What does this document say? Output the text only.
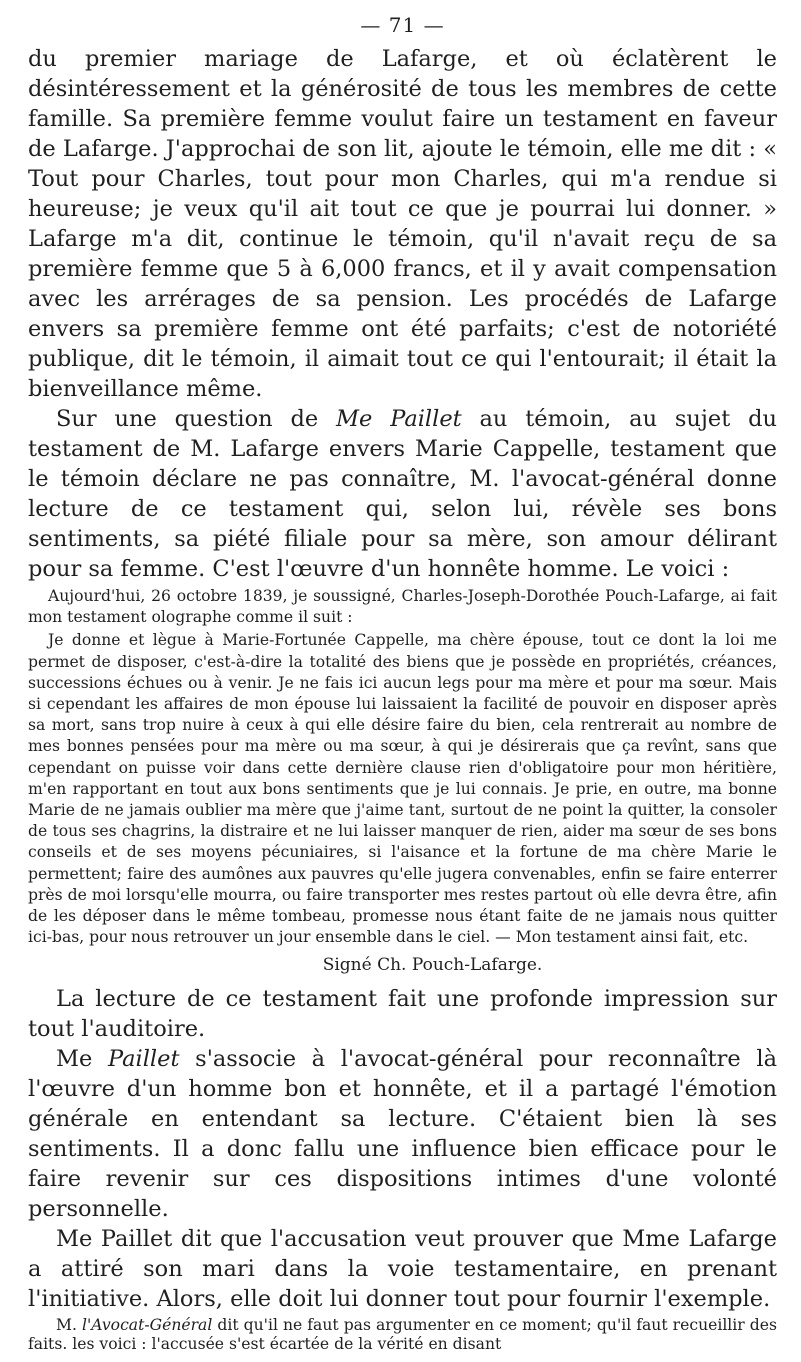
— 71 —

du premier mariage de Lafarge, et où éclatèrent le désintéressement et la générosité de tous les membres de cette famille. Sa première femme voulut faire un testament en faveur de Lafarge. J'approchai de son lit, ajoute le témoin, elle me dit : « Tout pour Charles, tout pour mon Charles, qui m'a rendue si heureuse; je veux qu'il ait tout ce que je pourrai lui donner. » Lafarge m'a dit, continue le témoin, qu'il n'avait reçu de sa première femme que 5 à 6,000 francs, et il y avait compensation avec les arrérages de sa pension. Les procédés de Lafarge envers sa première femme ont été parfaits; c'est de notoriété publique, dit le témoin, il aimait tout ce qui l'entourait; il était la bienveillance même.

Sur une question de Me Paillet au témoin, au sujet du testament de M. Lafarge envers Marie Cappelle, testament que le témoin déclare ne pas connaître, M. l'avocat-général donne lecture de ce testament qui, selon lui, révèle ses bons sentiments, sa piété filiale pour sa mère, son amour délirant pour sa femme. C'est l'œuvre d'un honnête homme. Le voici :

Aujourd'hui, 26 octobre 1839, je soussigné, Charles-Joseph-Dorothée Pouch-Lafarge, ai fait mon testament olographe comme il suit :

Je donne et lègue à Marie-Fortunée Cappelle, ma chère épouse, tout ce dont la loi me permet de disposer, c'est-à-dire la totalité des biens que je possède en propriétés, créances, successions échues ou à venir. Je ne fais ici aucun legs pour ma mère et pour ma sœur. Mais si cependant les affaires de mon épouse lui laissaient la facilité de pouvoir en disposer après sa mort, sans trop nuire à ceux à qui elle désire faire du bien, cela rentrerait au nombre de mes bonnes pensées pour ma mère ou ma sœur, à qui je désirerais que ça revînt, sans que cependant on puisse voir dans cette dernière clause rien d'obligatoire pour mon héritière, m'en rapportant en tout aux bons sentiments que je lui connais. Je prie, en outre, ma bonne Marie de ne jamais oublier ma mère que j'aime tant, surtout de ne point la quitter, la consoler de tous ses chagrins, la distraire et ne lui laisser manquer de rien, aider ma sœur de ses bons conseils et de ses moyens pécuniaires, si l'aisance et la fortune de ma chère Marie le permettent; faire des aumônes aux pauvres qu'elle jugera convenables, enfin se faire enterrer près de moi lorsqu'elle mourra, ou faire transporter mes restes partout où elle devra être, afin de les déposer dans le même tombeau, promesse nous étant faite de ne jamais nous quitter ici-bas, pour nous retrouver un jour ensemble dans le ciel. — Mon testament ainsi fait, etc.

Signé Ch. Pouch-Lafarge.

La lecture de ce testament fait une profonde impression sur tout l'auditoire.

Me Paillet s'associe à l'avocat-général pour reconnaître là l'œuvre d'un homme bon et honnête, et il a partagé l'émotion générale en entendant sa lecture. C'étaient bien là ses sentiments. Il a donc fallu une influence bien efficace pour le faire revenir sur ces dispositions intimes d'une volonté personnelle.

Me Paillet dit que l'accusation veut prouver que Mme Lafarge a attiré son mari dans la voie testamentaire, en prenant l'initiative. Alors, elle doit lui donner tout pour fournir l'exemple.

M. l'Avocat-Général dit qu'il ne faut pas argumenter en ce moment; qu'il faut recueillir des faits. les voici : l'accusée s'est écartée de la vérité en disant
